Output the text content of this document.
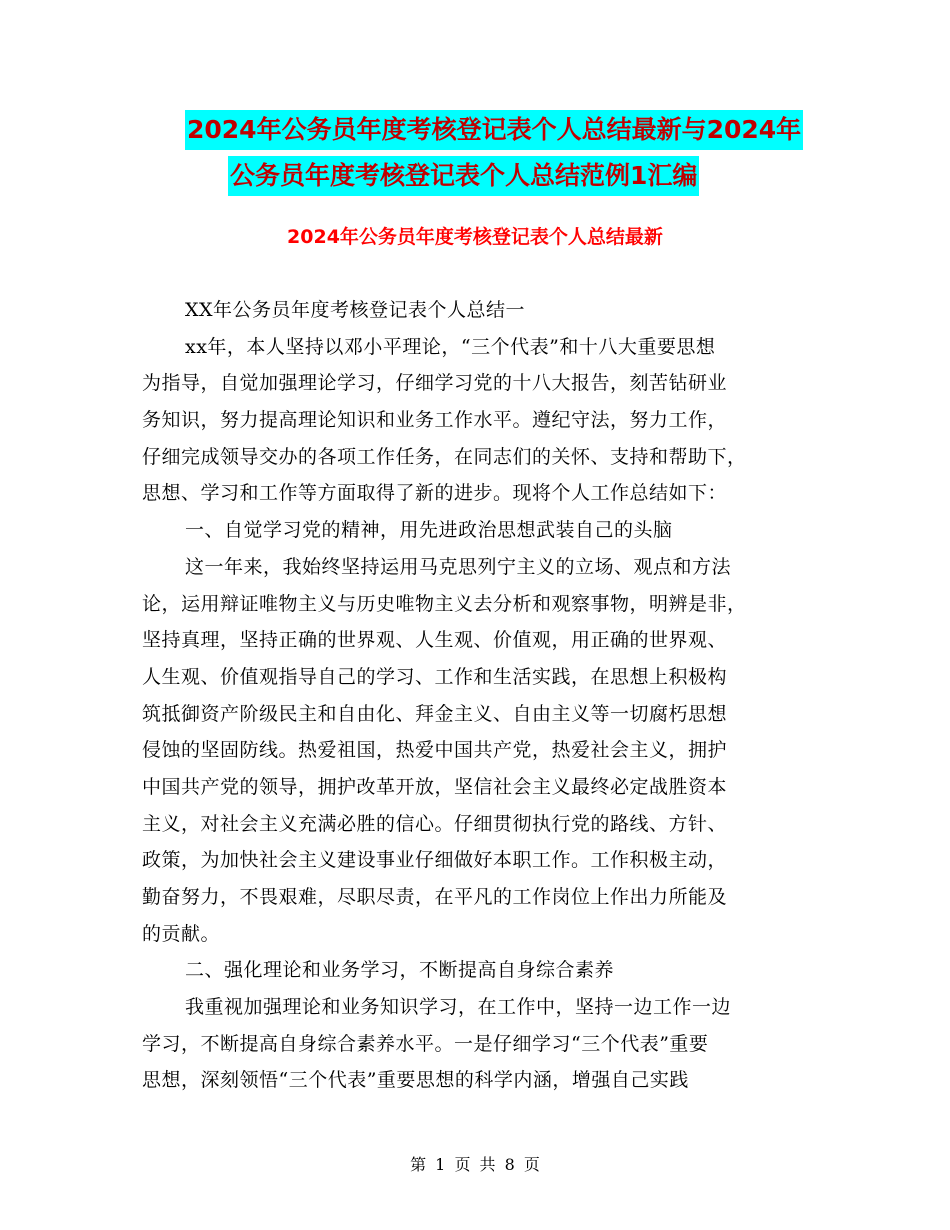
2024年公务员年度考核登记表个人总结最新与2024年
公务员年度考核登记表个人总结范例1汇编
2024年公务员年度考核登记表个人总结最新
XX年公务员年度考核登记表个人总结一
xx年，本人坚持以邓小平理论，“三个代表”和十八大重要思想
为指导，自觉加强理论学习，仔细学习党的十八大报告，刻苦钻研业
务知识，努力提高理论知识和业务工作水平。遵纪守法，努力工作，
仔细完成领导交办的各项工作任务，在同志们的关怀、支持和帮助下，
思想、学习和工作等方面取得了新的进步。现将个人工作总结如下：
一、自觉学习党的精神，用先进政治思想武装自己的头脑
这一年来，我始终坚持运用马克思列宁主义的立场、观点和方法
论，运用辩证唯物主义与历史唯物主义去分析和观察事物，明辨是非，
坚持真理，坚持正确的世界观、人生观、价值观，用正确的世界观、
人生观、价值观指导自己的学习、工作和生活实践，在思想上积极构
筑抵御资产阶级民主和自由化、拜金主义、自由主义等一切腐朽思想
侵蚀的坚固防线。热爱祖国，热爱中国共产党，热爱社会主义，拥护
中国共产党的领导，拥护改革开放，坚信社会主义最终必定战胜资本
主义，对社会主义充满必胜的信心。仔细贯彻执行党的路线、方针、
政策，为加快社会主义建设事业仔细做好本职工作。工作积极主动，
勤奋努力，不畏艰难，尽职尽责，在平凡的工作岗位上作出力所能及
的贡献。
二、强化理论和业务学习，不断提高自身综合素养
我重视加强理论和业务知识学习，在工作中，坚持一边工作一边
学习，不断提高自身综合素养水平。一是仔细学习“三个代表”重要
思想，深刻领悟“三个代表”重要思想的科学内涵，增强自己实践
第 1 页 共 8 页
